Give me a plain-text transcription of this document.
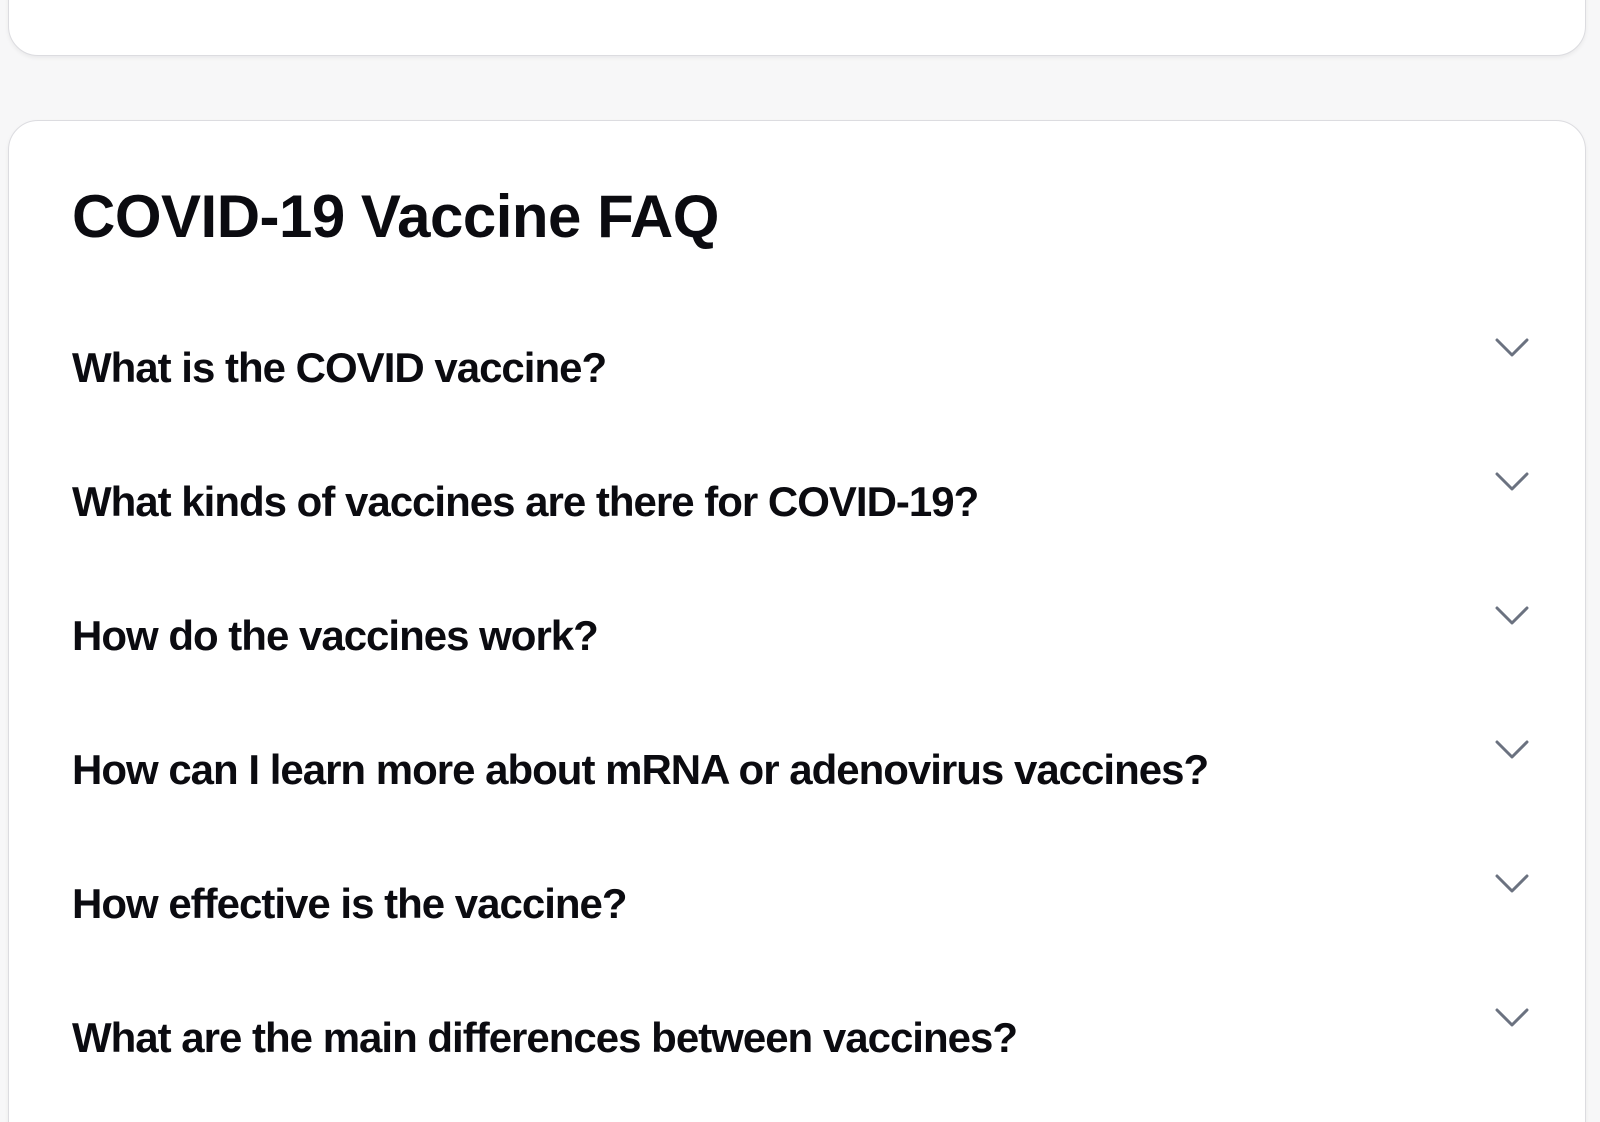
COVID-19 Vaccine FAQ
What is the COVID vaccine?
What kinds of vaccines are there for COVID-19?
How do the vaccines work?
How can I learn more about mRNA or adenovirus vaccines?
How effective is the vaccine?
What are the main differences between vaccines?
